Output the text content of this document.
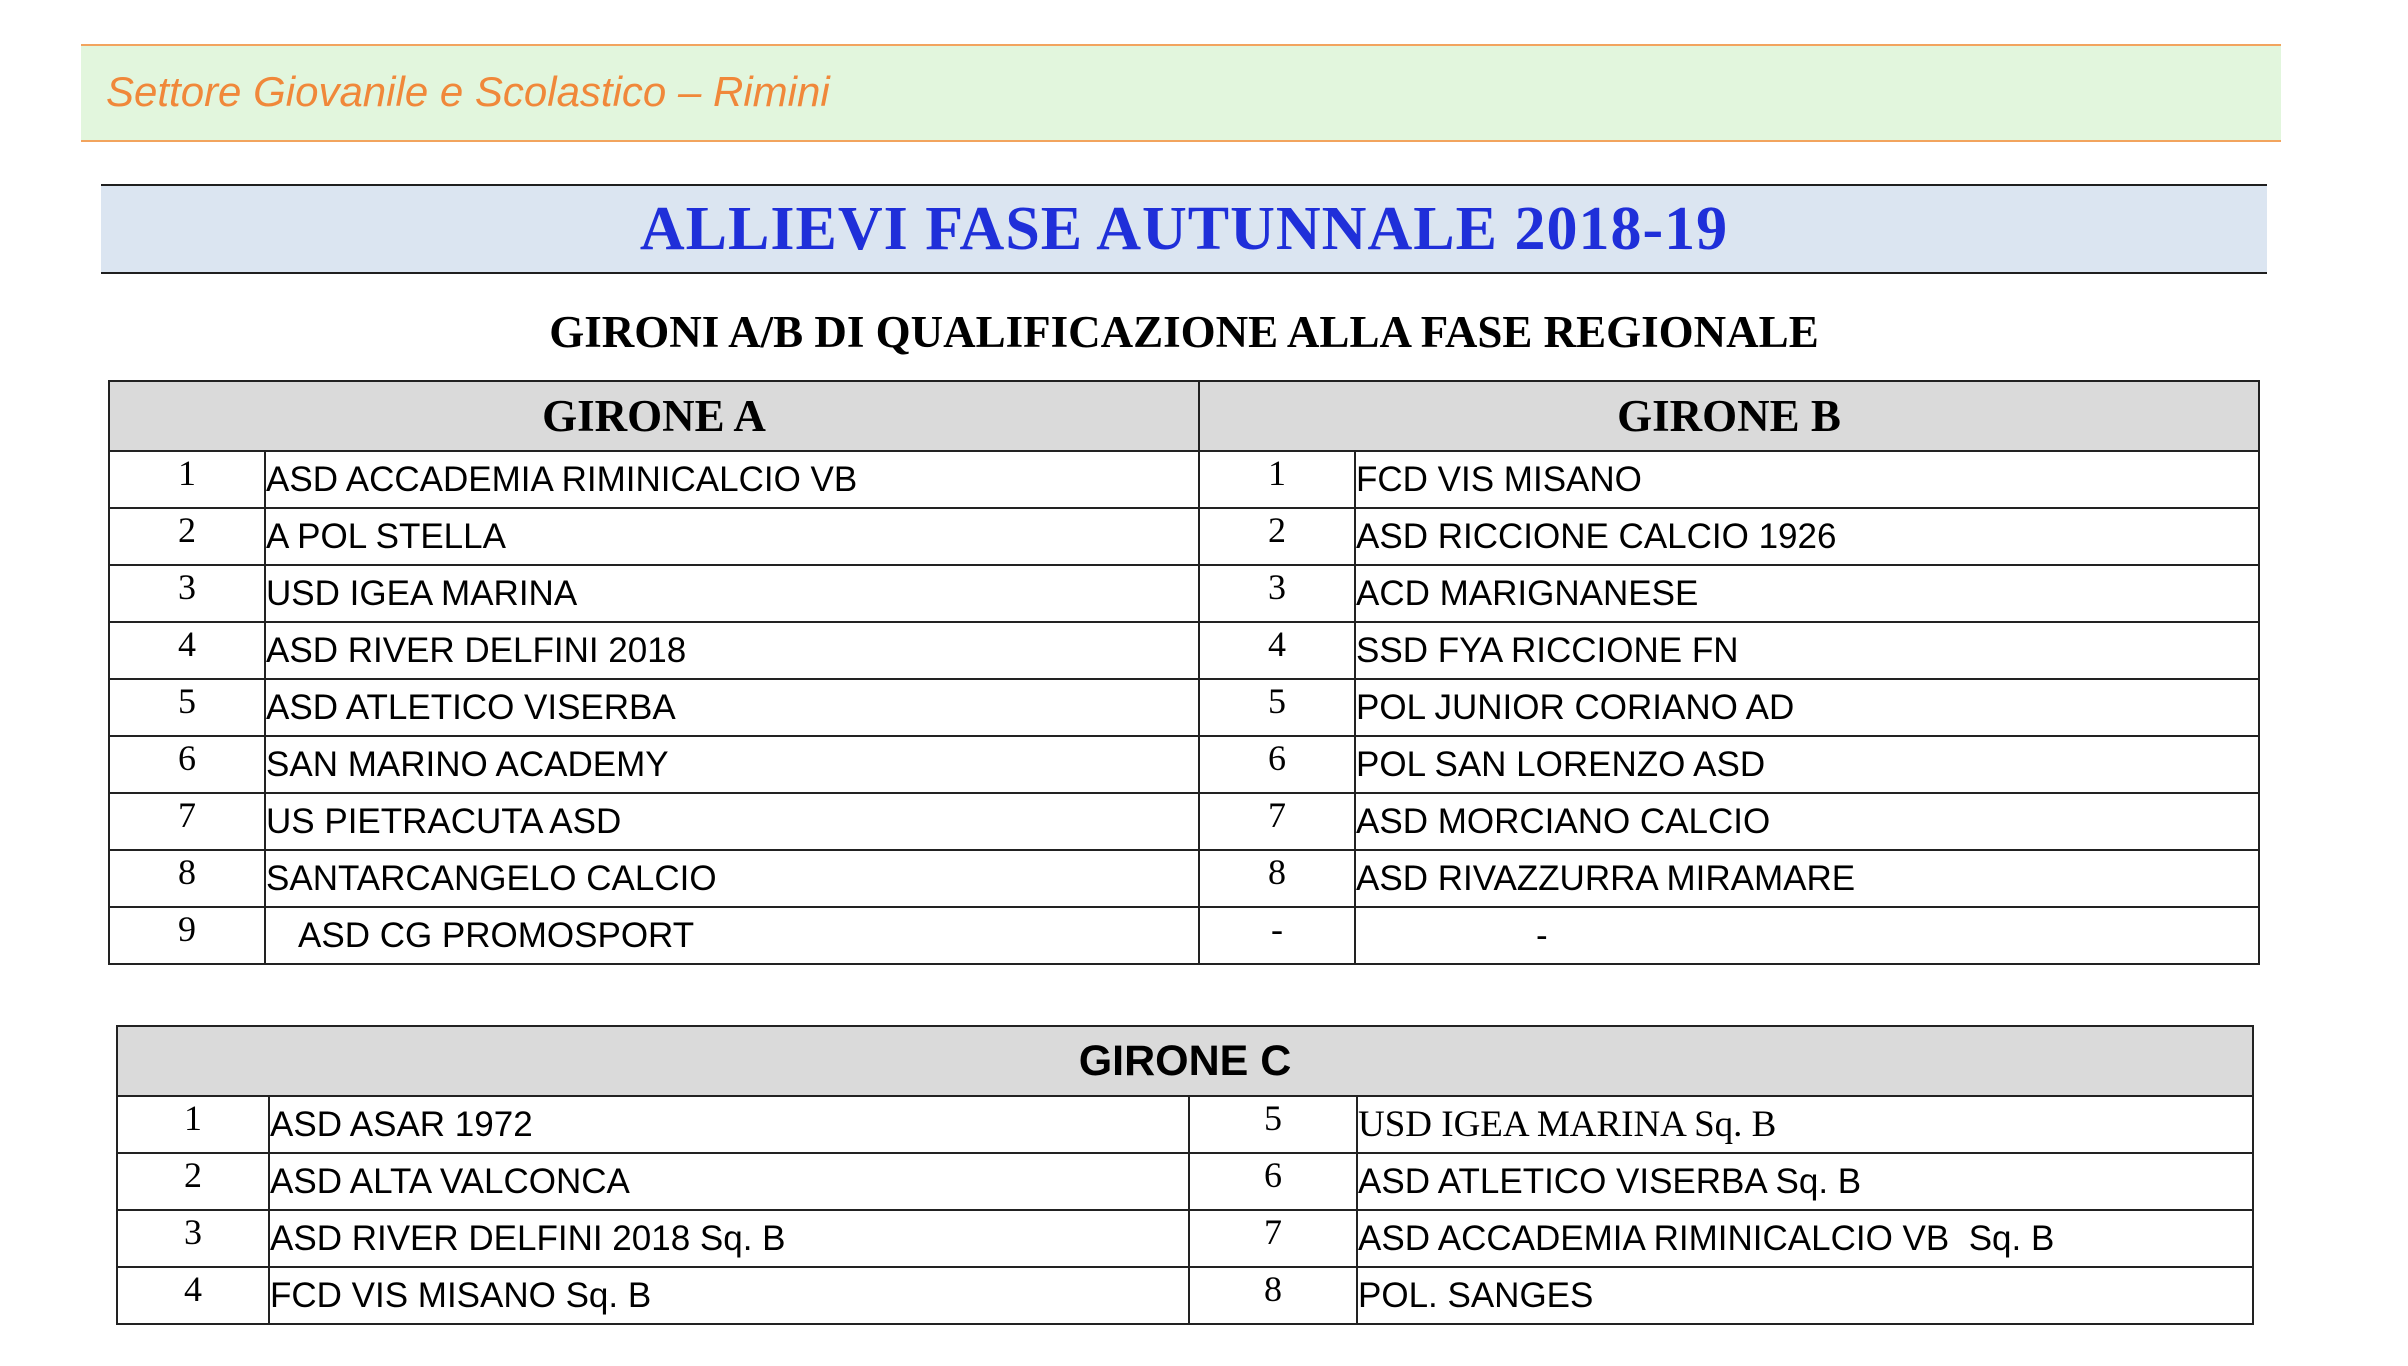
Settore Giovanile e Scolastico – Rimini
ALLIEVI FASE AUTUNNALE 2018-19
GIRONI A/B DI QUALIFICAZIONE ALLA FASE REGIONALE
GIRONE A		GIRONE B	
1	ASD ACCADEMIA RIMINICALCIO VB	1	FCD VIS MISANO
2	A POL STELLA	2	ASD RICCIONE CALCIO 1926
3	USD IGEA MARINA	3	ACD MARIGNANESE
4	ASD RIVER DELFINI 2018	4	SSD FYA RICCIONE FN
5	ASD ATLETICO VISERBA	5	POL JUNIOR CORIANO AD
6	SAN MARINO ACADEMY	6	POL SAN LORENZO ASD
7	US PIETRACUTA ASD	7	ASD MORCIANO CALCIO
8	SANTARCANGELO CALCIO	8	ASD RIVAZZURRA MIRAMARE
9	ASD CG PROMOSPORT	-	-
GIRONE C			
1	ASD ASAR 1972	5	USD IGEA MARINA Sq. B
2	ASD ALTA VALCONCA	6	ASD ATLETICO VISERBA Sq. B
3	ASD RIVER DELFINI 2018 Sq. B	7	ASD ACCADEMIA RIMINICALCIO VB  Sq. B
4	FCD VIS MISANO Sq. B	8	POL. SANGES
